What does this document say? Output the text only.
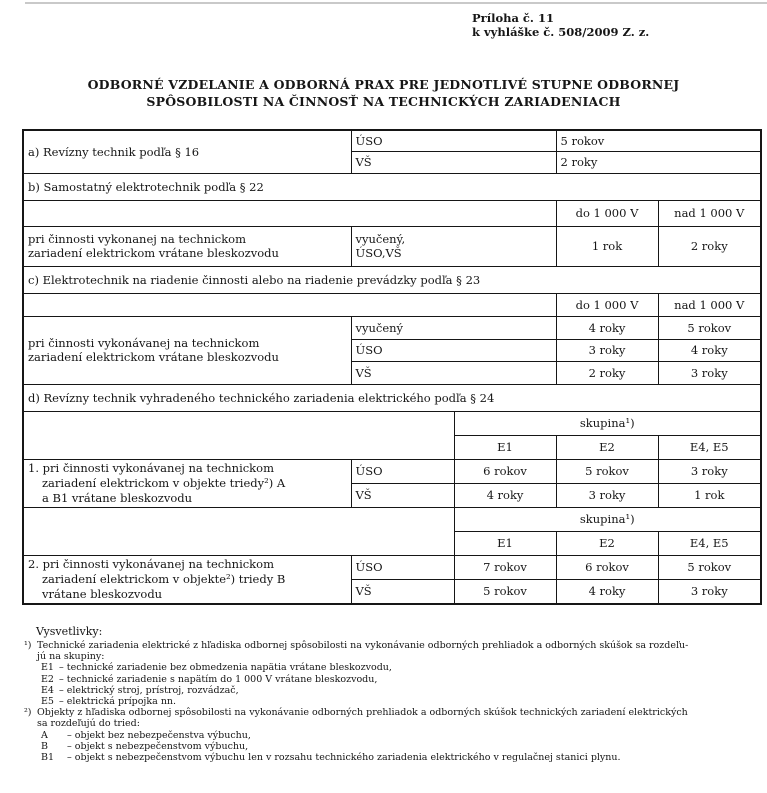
Príloha č. 11
k vyhláške č. 508/2009 Z. z.
ODBORNÉ VZDELANIE A ODBORNÁ PRAX PRE JEDNOTLIVÉ STUPNE ODBORNEJ
SPÔSOBILOSTI NA ČINNOSŤ NA TECHNICKÝCH ZARIADENIACH
a) Revízny technik podľa § 16	ÚSO		5 rokov	
	VŠ		2 roky	
b) Samostatný elektrotechnik podľa § 22				
			do 1 000 V	nad 1 000 V

pri činnosti vykonanej na technickom
zariadení elektrickom vrátane bleskozvodu

vyučený,
ÚSO,VŠ	1 rok	2 roky
c) Elektrotechnik na riadenie činnosti alebo na riadenie prevádzky podľa § 23				
			do 1 000 V	nad 1 000 V

pri činnosti vykonávanej na technickom
zariadení elektrickom vrátane bleskozvodu	vyučený		4 roky	5 rokov
	ÚSO		3 roky	4 roky
	VŠ		2 roky	3 roky
d) Revízny technik vyhradeného technického zariadenia elektrického podľa § 24				
		skupina¹)		
		E1	E2	E4, E5

1. pri činnosti vykonávanej na technickom
zariadení elektrickom v objekte triedy²) A
a B1 vrátane bleskozvodu	ÚSO	6 rokov	5 rokov	3 roky
	VŠ	4 roky	3 roky	1 rok
		skupina¹)		
		E1	E2	E4, E5

2. pri činnosti vykonávanej na technickom
zariadení elektrickom v objekte²) triedy B
vrátane bleskozvodu	ÚSO	7 rokov	6 rokov	5 rokov
	VŠ	5 rokov	4 roky	3 roky
Vysvetlivky:
¹) Technické zariadenia elektrické z hľadiska odbornej spôsobilosti na vykonávanie odborných prehliadok a odborných skúšok sa rozdeľu-
jú na skupiny:
E1 – technické zariadenie bez obmedzenia napätia vrátane bleskozvodu,
E2 – technické zariadenie s napätím do 1 000 V vrátane bleskozvodu,
E4 – elektrický stroj, prístroj, rozvádzač,
E5 – elektrická prípojka nn.
²) Objekty z hľadiska odbornej spôsobilosti na vykonávanie odborných prehliadok a odborných skúšok technických zariadení elektrických
sa rozdeľujú do tried:
A	– objekt bez nebezpečenstva výbuchu,
B	– objekt s nebezpečenstvom výbuchu,
B1	– objekt s nebezpečenstvom výbuchu len v rozsahu technického zariadenia elektrického v regulačnej stanici plynu.
